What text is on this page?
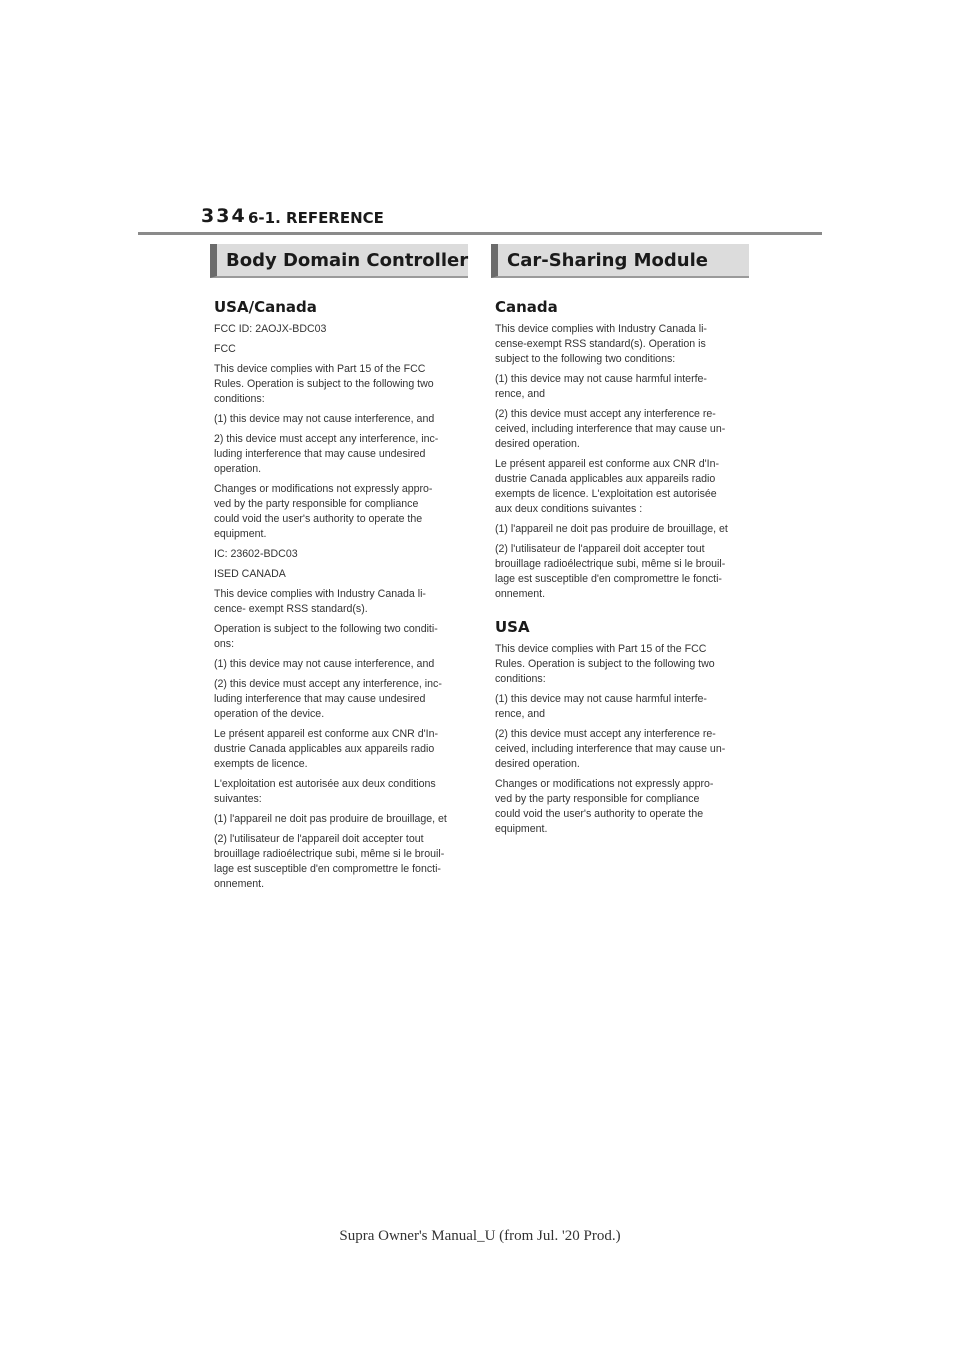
334 6-1. REFERENCE
Body Domain Controller
USA/Canada

FCC ID: 2AOJX-BDC03

FCC

This device complies with Part 15 of the FCC
Rules. Operation is subject to the following two
conditions:

(1) this device may not cause interference, and

2) this device must accept any interference, inc-
luding interference that may cause undesired
operation.

Changes or modifications not expressly appro-
ved by the party responsible for compliance
could void the user's authority to operate the
equipment.

IC: 23602-BDC03

ISED CANADA

This device complies with Industry Canada li-
cence- exempt RSS standard(s).

Operation is subject to the following two conditi-
ons:

(1) this device may not cause interference, and

(2) this device must accept any interference, inc-
luding interference that may cause undesired
operation of the device.

Le présent appareil est conforme aux CNR d'In-
dustrie Canada applicables aux appareils radio
exempts de licence.

L'exploitation est autorisée aux deux conditions
suivantes:

(1) l'appareil ne doit pas produire de brouillage, et

(2) l'utilisateur de l'appareil doit accepter tout
brouillage radioélectrique subi, même si le brouil-
lage est susceptible d'en compromettre le foncti-
onnement.

Car-Sharing Module
Canada

This device complies with Industry Canada li-
cense-exempt RSS standard(s). Operation is
subject to the following two conditions:

(1) this device may not cause harmful interfe-
rence, and

(2) this device must accept any interference re-
ceived, including interference that may cause un-
desired operation.

Le présent appareil est conforme aux CNR d'In-
dustrie Canada applicables aux appareils radio
exempts de licence. L'exploitation est autorisée
aux deux conditions suivantes :

(1) l'appareil ne doit pas produire de brouillage, et

(2) l'utilisateur de l'appareil doit accepter tout
brouillage radioélectrique subi, même si le brouil-
lage est susceptible d'en compromettre le foncti-
onnement.

USA

This device complies with Part 15 of the FCC
Rules. Operation is subject to the following two
conditions:

(1) this device may not cause harmful interfe-
rence, and

(2) this device must accept any interference re-
ceived, including interference that may cause un-
desired operation.

Changes or modifications not expressly appro-
ved by the party responsible for compliance
could void the user's authority to operate the
equipment.

Supra Owner's Manual_U (from Jul. '20 Prod.)
